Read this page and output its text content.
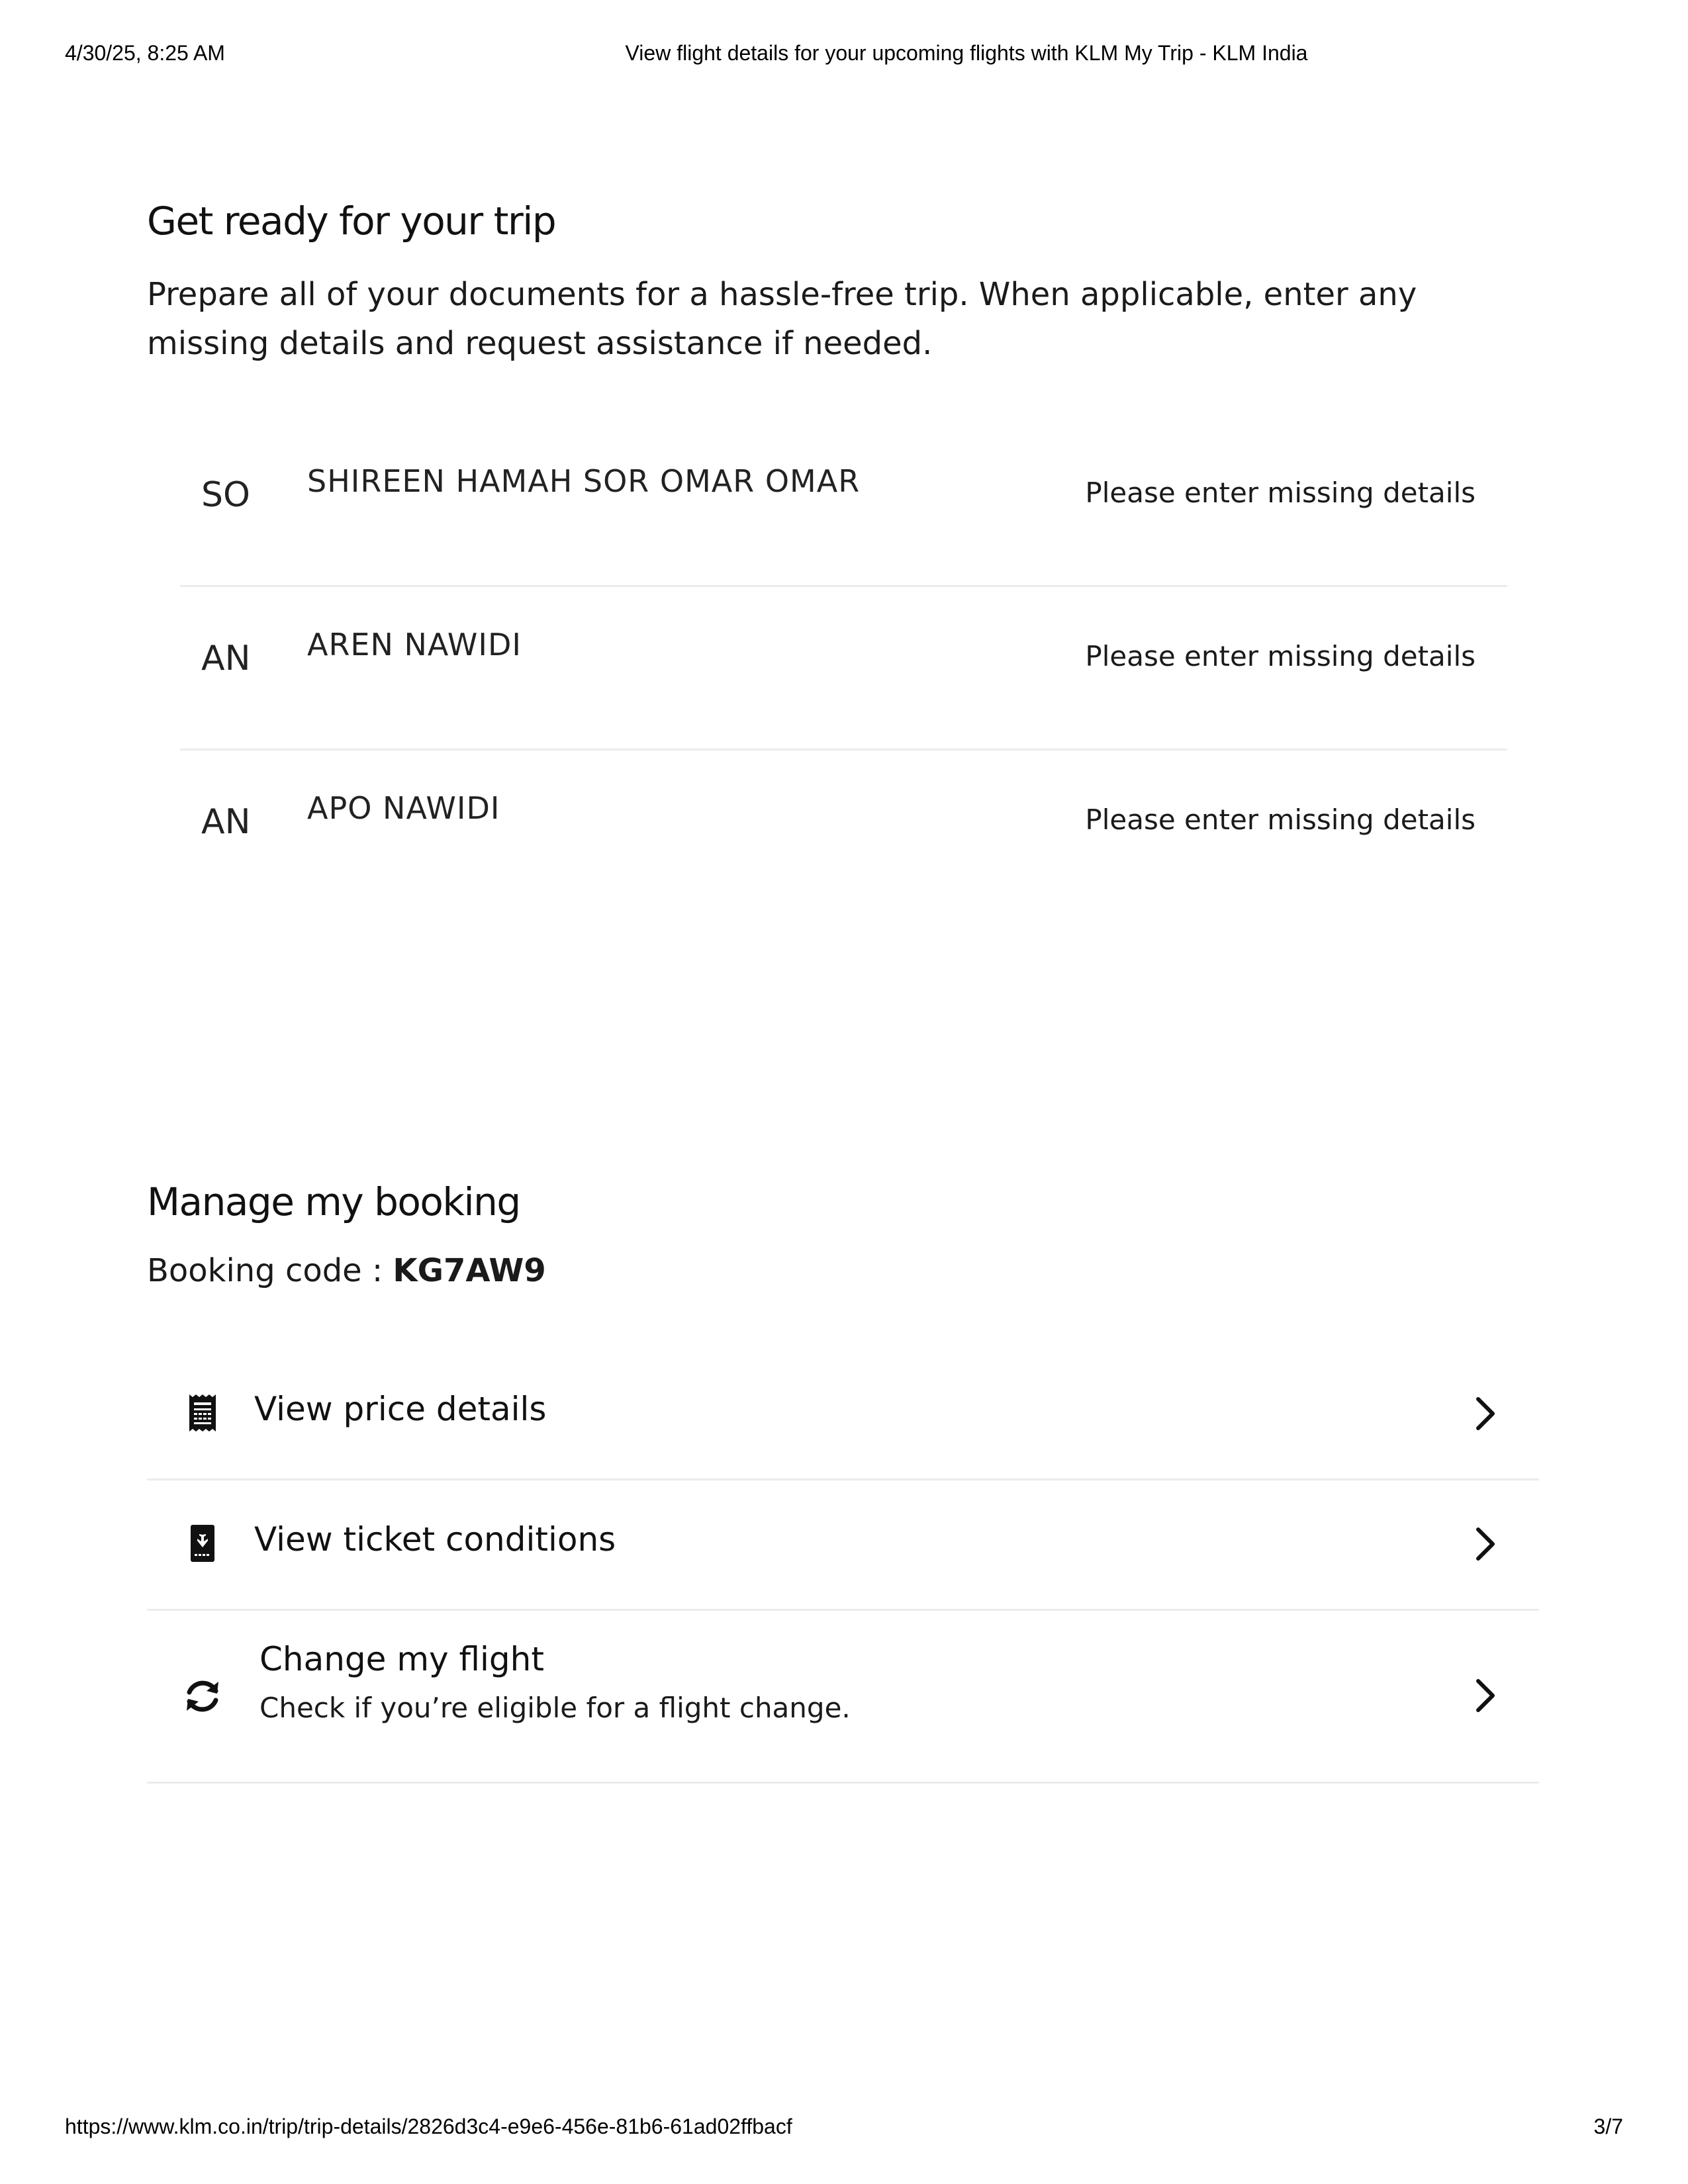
4/30/25, 8:25 AM	View flight details for your upcoming flights with KLM My Trip - KLM India
Get ready for your trip

Prepare all of your documents for a hassle-free trip. When applicable, enter any missing details and request assistance if needed.

SO SHIREEN HAMAH SOR OMAR OMAR	Please enter missing details
AN AREN NAWIDI	Please enter missing details
AN APO NAWIDI	Please enter missing details
Manage my booking
Booking code : KG7AW9
View price details
View ticket conditions
Change my flight
Check if you’re eligible for a flight change.
https://www.klm.co.in/trip/trip-details/2826d3c4-e9e6-456e-81b6-61ad02ffbacf	3/7
